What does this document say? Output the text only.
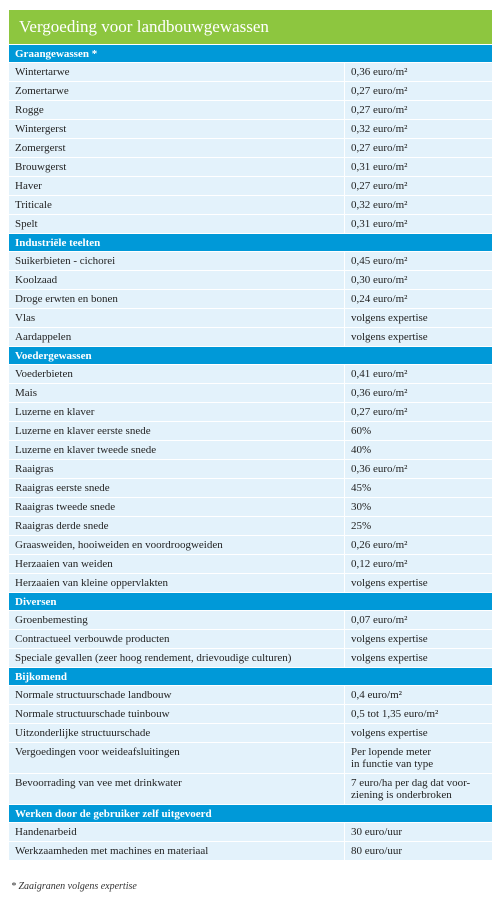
Vergoeding voor landbouwgewassen
Graangewassen *
Wintertarwe	0,36 euro/m²
Zomertarwe	0,27 euro/m²
Rogge	0,27 euro/m²
Wintergerst	0,32 euro/m²
Zomergerst	0,27 euro/m²
Brouwgerst	0,31 euro/m²
Haver	0,27 euro/m²
Triticale	0,32 euro/m²
Spelt	0,31 euro/m²
Industriële teelten
Suikerbieten - cichorei	0,45 euro/m²
Koolzaad	0,30 euro/m²
Droge erwten en bonen	0,24 euro/m²
Vlas	volgens expertise
Aardappelen	volgens expertise
Voedergewassen
Voederbieten	0,41 euro/m²
Mais	0,36 euro/m²
Luzerne en klaver	0,27 euro/m²
Luzerne en klaver eerste snede	60%
Luzerne en klaver tweede snede	40%
Raaigras	0,36 euro/m²
Raaigras eerste snede	45%
Raaigras tweede snede	30%
Raaigras derde snede	25%
Graasweiden, hooiweiden en voordroogweiden	0,26 euro/m²
Herzaaien van weiden	0,12 euro/m²
Herzaaien van kleine oppervlakten	volgens expertise
Diversen
Groenbemesting	0,07 euro/m²
Contractueel verbouwde producten	volgens expertise
Speciale gevallen (zeer hoog rendement, drievoudige culturen)	volgens expertise
Bijkomend
Normale structuurschade landbouw	0,4 euro/m²
Normale structuurschade tuinbouw	0,5 tot 1,35 euro/m²
Uitzonderlijke structuurschade	volgens expertise
Vergoedingen voor weideafsluitingen	Per lopende meter
in functie van type
Bevoorrading van vee met drinkwater	7 euro/ha per dag dat voor-
ziening is onderbroken
Werken door de gebruiker zelf uitgevoerd
Handenarbeid	30 euro/uur
Werkzaamheden met machines en materiaal	80 euro/uur
* Zaaigranen volgens expertise
